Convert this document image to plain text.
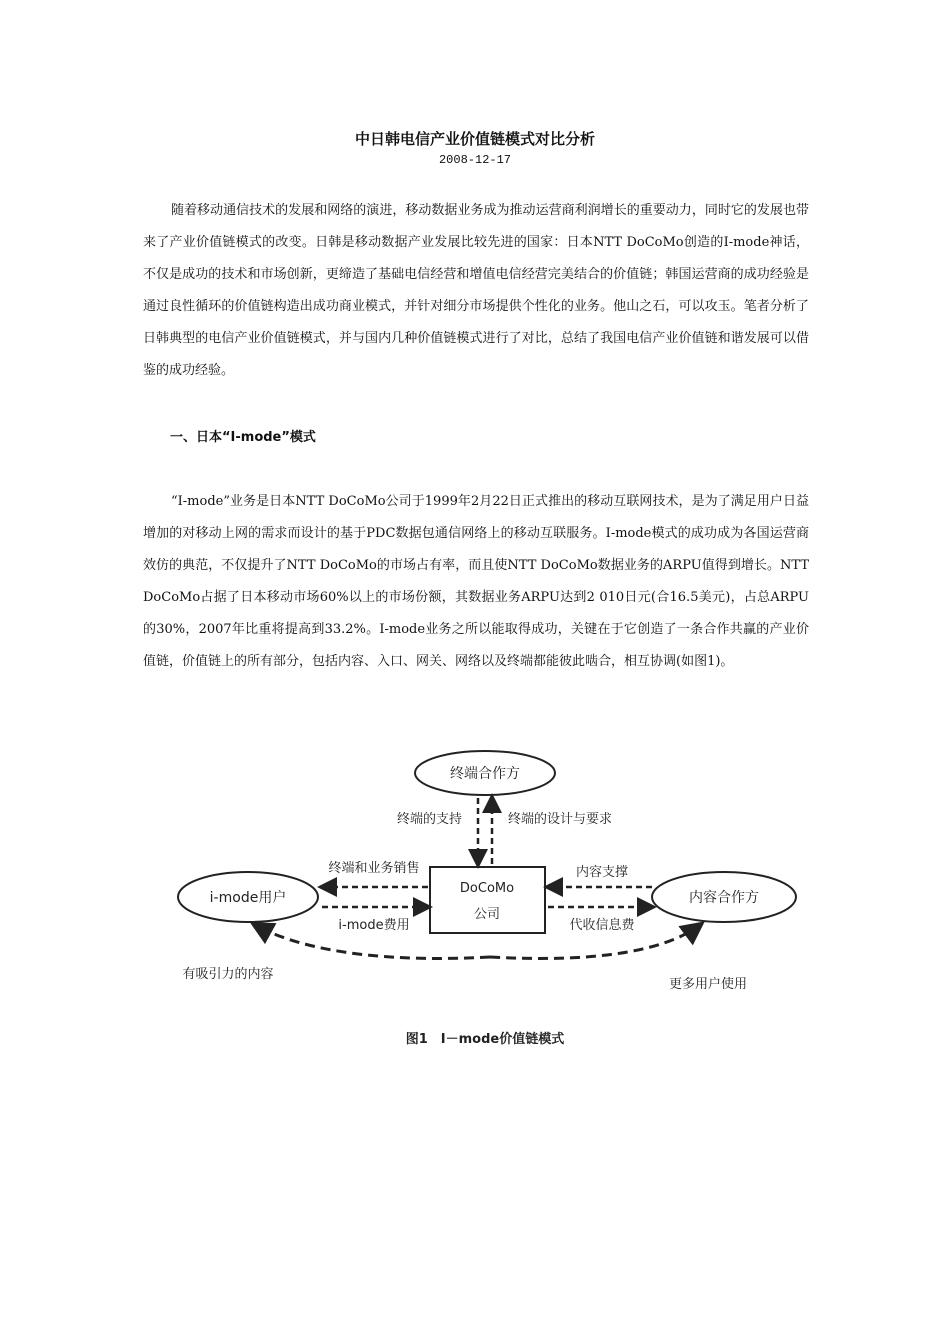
中日韩电信产业价值链模式对比分析
2008-12-17

随着移动通信技术的发展和网络的演进，移动数据业务成为推动运营商利润增长的重要动力，同时它的发展也带来了产业价值链模式的改变。日韩是移动数据产业发展比较先进的国家：日本NTT DoCoMo创造的I-mode神话，不仅是成功的技术和市场创新，更缔造了基础电信经营和增值电信经营完美结合的价值链；韩国运营商的成功经验是通过良性循环的价值链构造出成功商业模式，并针对细分市场提供个性化的业务。他山之石，可以攻玉。笔者分析了日韩典型的电信产业价值链模式，并与国内几种价值链模式进行了对比，总结了我国电信产业价值链和谐发展可以借鉴的成功经验。

一、日本“I-mode”模式

“I-mode”业务是日本NTT DoCoMo公司于1999年2月22日正式推出的移动互联网技术，是为了满足用户日益增加的对移动上网的需求而设计的基于PDC数据包通信网络上的移动互联服务。I-mode模式的成功成为各国运营商效仿的典范，不仅提升了NTT DoCoMo的市场占有率，而且使NTT DoCoMo数据业务的ARPU值得到增长。NTT DoCoMo占据了日本移动市场60%以上的市场份额，其数据业务ARPU达到2 010日元(合16.5美元)，占总ARPU的30%，2007年比重将提高到33.2%。I-mode业务之所以能取得成功，关键在于它创造了一条合作共赢的产业价值链，价值链上的所有部分，包括内容、入口、网关、网络以及终端都能彼此啮合，相互协调(如图1)。

终端合作方
i-mode用户
DoCoMo
公司
内容合作方
终端的支持	终端的设计与要求
终端和业务销售
i-mode费用
内容支撑
代收信息费
有吸引力的内容
更多用户使用
图1　I－mode价值链模式
